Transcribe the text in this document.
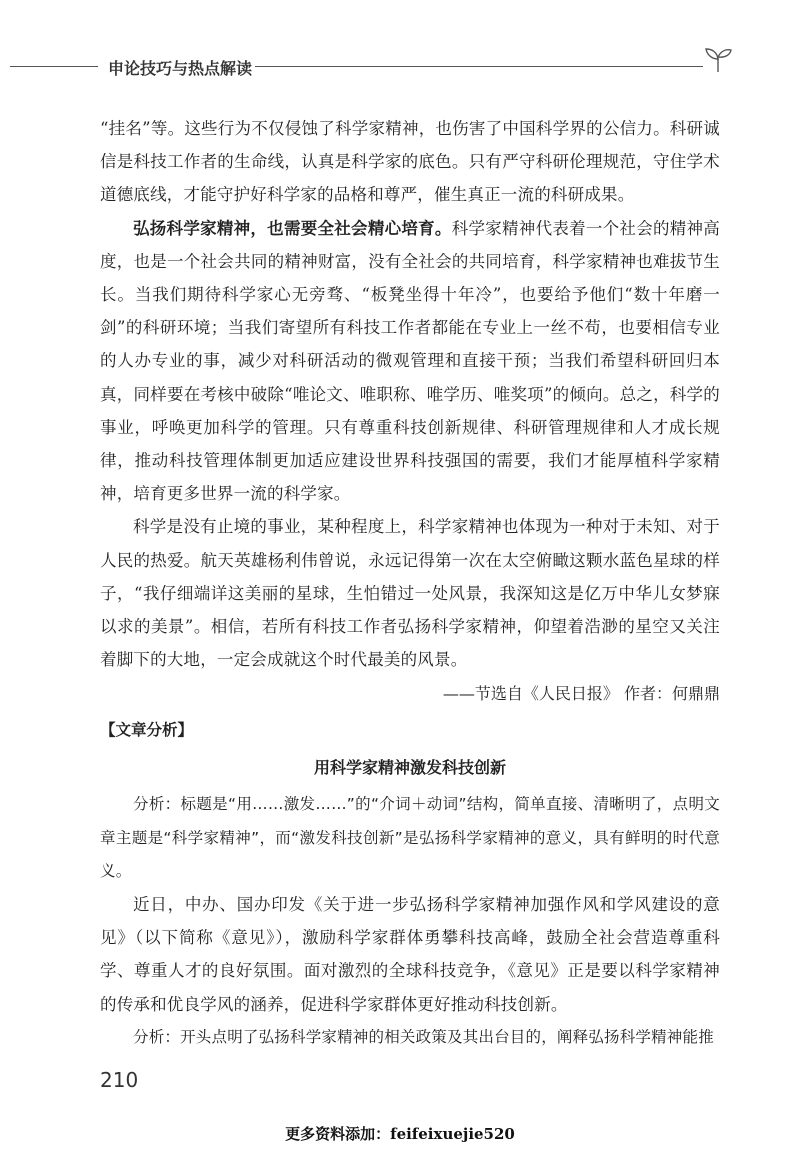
申论技巧与热点解读

“挂名”等。这些行为不仅侵蚀了科学家精神，也伤害了中国科学界的公信力。科研诚信是科技工作者的生命线，认真是科学家的底色。只有严守科研伦理规范，守住学术道德底线，才能守护好科学家的品格和尊严，催生真正一流的科研成果。

弘扬科学家精神，也需要全社会精心培育。科学家精神代表着一个社会的精神高度，也是一个社会共同的精神财富，没有全社会的共同培育，科学家精神也难拔节生长。当我们期待科学家心无旁骛、“板凳坐得十年冷”，也要给予他们“数十年磨一剑”的科研环境；当我们寄望所有科技工作者都能在专业上一丝不苟，也要相信专业的人办专业的事，减少对科研活动的微观管理和直接干预；当我们希望科研回归本真，同样要在考核中破除“唯论文、唯职称、唯学历、唯奖项”的倾向。总之，科学的事业，呼唤更加科学的管理。只有尊重科技创新规律、科研管理规律和人才成长规律，推动科技管理体制更加适应建设世界科技强国的需要，我们才能厚植科学家精神，培育更多世界一流的科学家。

科学是没有止境的事业，某种程度上，科学家精神也体现为一种对于未知、对于人民的热爱。航天英雄杨利伟曾说，永远记得第一次在太空俯瞰这颗水蓝色星球的样子，“我仔细端详这美丽的星球，生怕错过一处风景，我深知这是亿万中华儿女梦寐以求的美景”。相信，若所有科技工作者弘扬科学家精神，仰望着浩渺的星空又关注着脚下的大地，一定会成就这个时代最美的风景。

——节选自《人民日报》 作者：何鼎鼎

【文章分析】

用科学家精神激发科技创新

分析：标题是“用……激发……”的“介词＋动词”结构，简单直接、清晰明了，点明文章主题是“科学家精神”，而“激发科技创新”是弘扬科学家精神的意义，具有鲜明的时代意义。

近日，中办、国办印发《关于进一步弘扬科学家精神加强作风和学风建设的意见》（以下简称《意见》），激励科学家群体勇攀科技高峰，鼓励全社会营造尊重科学、尊重人才的良好氛围。面对激烈的全球科技竞争，《意见》正是要以科学家精神的传承和优良学风的涵养，促进科学家群体更好推动科技创新。

分析：开头点明了弘扬科学家精神的相关政策及其出台目的，阐释弘扬科学精神能推

210
更多资料添加：feifeixuejie520
